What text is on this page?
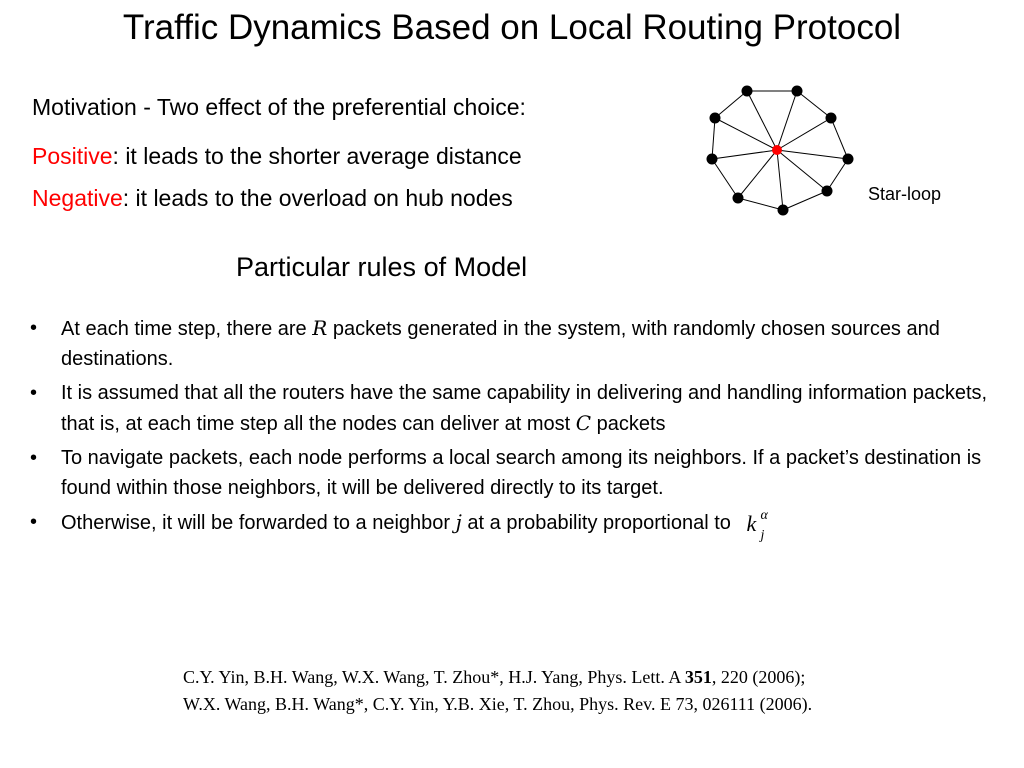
Traffic Dynamics Based on Local Routing Protocol
Motivation - Two effect of the preferential choice:
Positive: it leads to the shorter average distance
Negative: it leads to the overload on hub nodes	Star-loop
Particular rules of Model
• At each time step, there are R packets generated in the system, with randomly chosen sources and destinations.
• It is assumed that all the routers have the same capability in delivering and handling information packets, that is, at each time step all the nodes can deliver at most C packets
• To navigate packets, each node performs a local search among its neighbors. If a packet’s destination is found within those neighbors, it will be delivered directly to its target.
• Otherwise, it will be forwarded to a neighbor j at a probability proportional to k α
j
C.Y. Yin, B.H. Wang, W.X. Wang, T. Zhou*, H.J. Yang, Phys. Lett. A 351, 220 (2006);
W.X. Wang, B.H. Wang*, C.Y. Yin, Y.B. Xie, T. Zhou, Phys. Rev. E 73, 026111 (2006).
